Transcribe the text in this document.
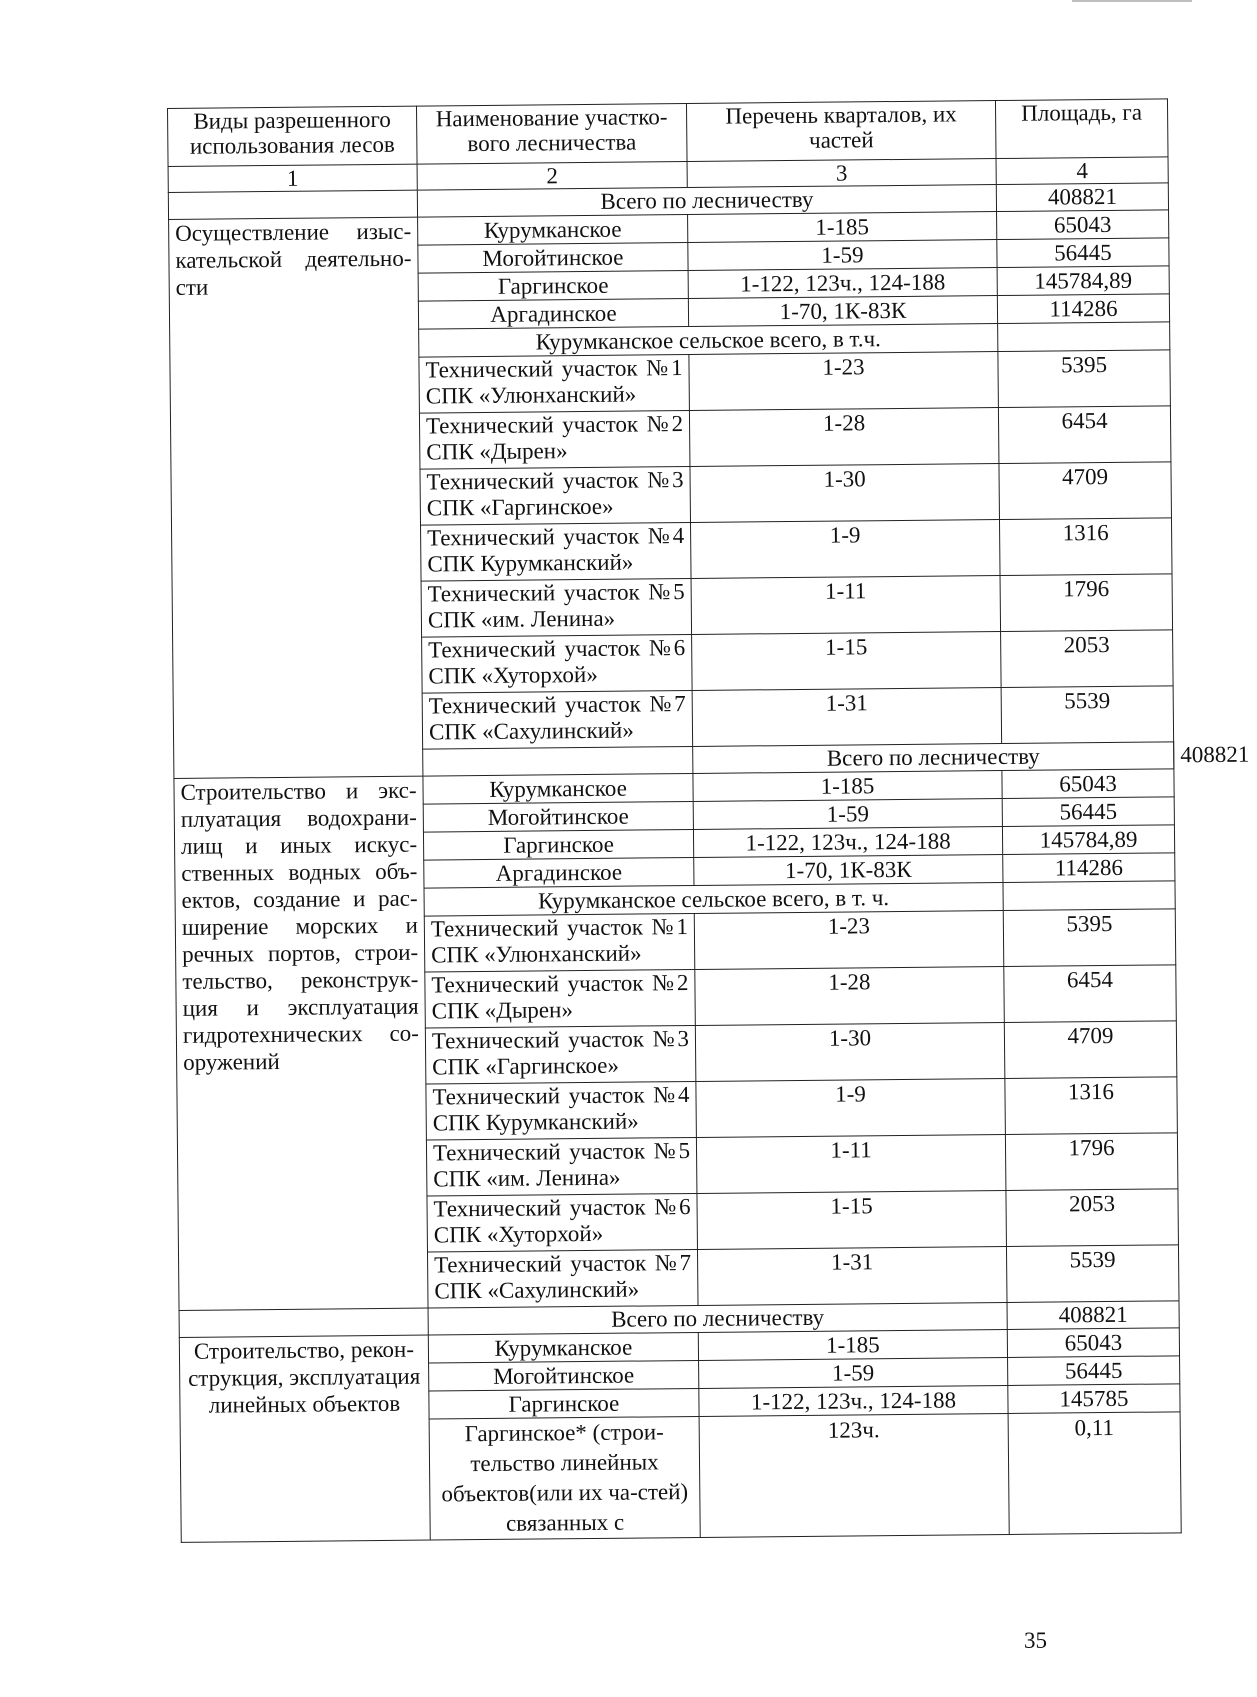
Виды разрешенного использования лесов	Наименование участко-вого лесничества	Перечень кварталов, их частей	Площадь, га	
1	2	3	4	
	Всего по лесничеству		408821	
Осуществление изыс-кательской деятельно-сти	Курумканское	1-185	65043	
	Могойтинское	1-59	56445	
	Гаргинское	1-122, 123ч., 124-188	145784,89	
	Аргадинское	1-70, 1К-83К	114286	
	Курумканское сельское всего, в т.ч.			
	Технический участок №1 СПК «Улюнханский»	1-23	5395	
	Технический участок №2 СПК «Дырен»	1-28	6454	
	Технический участок №3 СПК «Гаргинское»	1-30	4709	
	Технический участок №4 СПК Курумканский»	1-9	1316	
	Технический участок №5 СПК «им. Ленина»	1-11	1796	
	Технический участок №6 СПК «Хуторхой»	1-15	2053	
	Технический участок №7 СПК «Сахулинский»	1-31	5539	
		Всего по лесничеству		408821
Строительство и экс-плуатация водохрани-лищ и иных искус-ственных водных объ-ектов, создание и рас-ширение морских и речных портов, строи-тельство, реконструк-ция и эксплуатация гидротехнических со-оружений	Курумканское	1-185	65043	
	Могойтинское	1-59	56445	
	Гаргинское	1-122, 123ч., 124-188	145784,89	
	Аргадинское	1-70, 1К-83К	114286	
	Курумканское сельское всего, в т. ч.			
	Технический участок №1 СПК «Улюнханский»	1-23	5395	
	Технический участок №2 СПК «Дырен»	1-28	6454	
	Технический участок №3 СПК «Гаргинское»	1-30	4709	
	Технический участок №4 СПК Курумканский»	1-9	1316	
	Технический участок №5 СПК «им. Ленина»	1-11	1796	
	Технический участок №6 СПК «Хуторхой»	1-15	2053	
	Технический участок №7 СПК «Сахулинский»	1-31	5539	
	Всего по лесничеству		408821	
Строительство, рекон-струкция, эксплуатация линейных объектов	Курумканское	1-185	65043	
	Могойтинское	1-59	56445	
	Гаргинское	1-122, 123ч., 124-188	145785	
	Гаргинское* (строи-тельство линейных объектов(или их ча-стей) связанных с	123ч.	0,11	
35
